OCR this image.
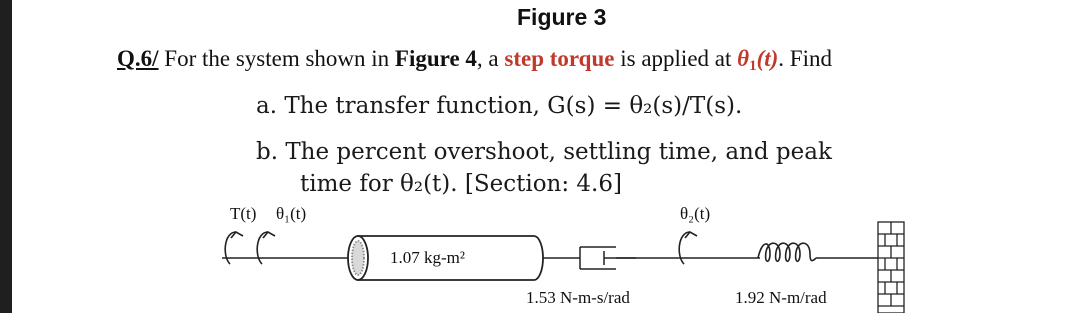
Figure 3
Q.6/ For the system shown in Figure 4, a step torque is applied at $\theta_1(t)$. Find
a. The transfer function, G(s) = θ₂(s)/T(s).
b. The percent overshoot, settling time, and peak
time for θ₂(t). [Section: 4.6]
T(t) θ₁(t)	θ₂(t)
1.07 kg-m²
1.53 N-m-s/rad	1.92 N-m/rad
